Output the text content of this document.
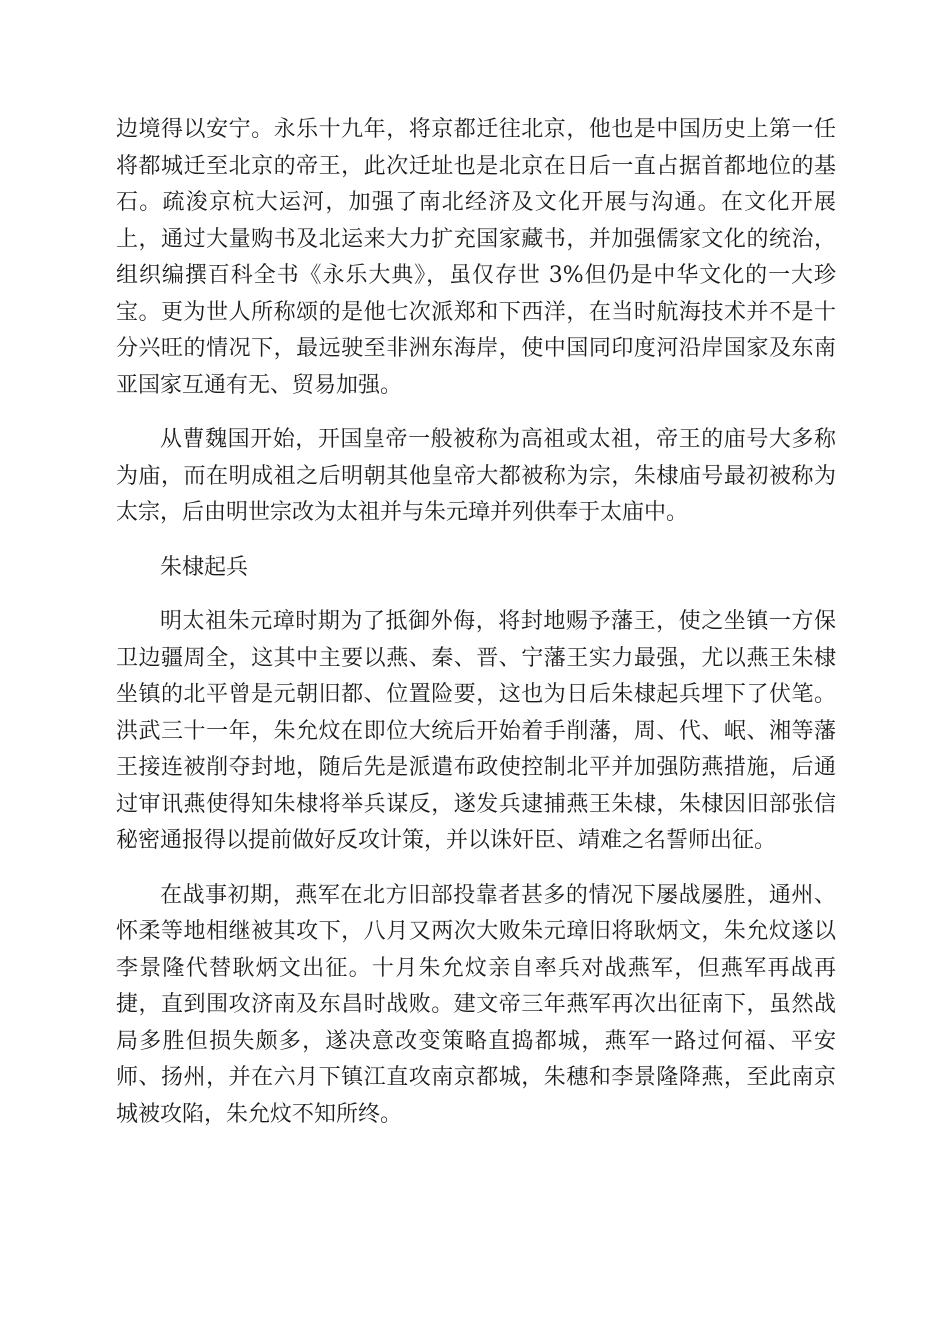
边境得以安宁。永乐十九年，将京都迁往北京，他也是中国历史上第一任将都城迁至北京的帝王，此次迁址也是北京在日后一直占据首都地位的基石。疏浚京杭大运河，加强了南北经济及文化开展与沟通。在文化开展上，通过大量购书及北运来大力扩充国家藏书，并加强儒家文化的统治，组织编撰百科全书《永乐大典》，虽仅存世 3%但仍是中华文化的一大珍宝。更为世人所称颂的是他七次派郑和下西洋，在当时航海技术并不是十分兴旺的情况下，最远驶至非洲东海岸，使中国同印度河沿岸国家及东南亚国家互通有无、贸易加强。

从曹魏国开始，开国皇帝一般被称为高祖或太祖，帝王的庙号大多称为庙，而在明成祖之后明朝其他皇帝大都被称为宗，朱棣庙号最初被称为太宗，后由明世宗改为太祖并与朱元璋并列供奉于太庙中。

朱棣起兵

明太祖朱元璋时期为了抵御外侮，将封地赐予藩王，使之坐镇一方保卫边疆周全，这其中主要以燕、秦、晋、宁藩王实力最强，尤以燕王朱棣坐镇的北平曾是元朝旧都、位置险要，这也为日后朱棣起兵埋下了伏笔。洪武三十一年，朱允炆在即位大统后开始着手削藩，周、代、岷、湘等藩王接连被削夺封地，随后先是派遣布政使控制北平并加强防燕措施，后通过审讯燕使得知朱棣将举兵谋反，遂发兵逮捕燕王朱棣，朱棣因旧部张信秘密通报得以提前做好反攻计策，并以诛奸臣、靖难之名誓师出征。

在战事初期，燕军在北方旧部投靠者甚多的情况下屡战屡胜，通州、怀柔等地相继被其攻下，八月又两次大败朱元璋旧将耿炳文，朱允炆遂以李景隆代替耿炳文出征。十月朱允炆亲自率兵对战燕军，但燕军再战再捷，直到围攻济南及东昌时战败。建文帝三年燕军再次出征南下，虽然战局多胜但损失颇多，遂决意改变策略直捣都城，燕军一路过何福、平安师、扬州，并在六月下镇江直攻南京都城，朱穗和李景隆降燕，至此南京城被攻陷，朱允炆不知所终。
